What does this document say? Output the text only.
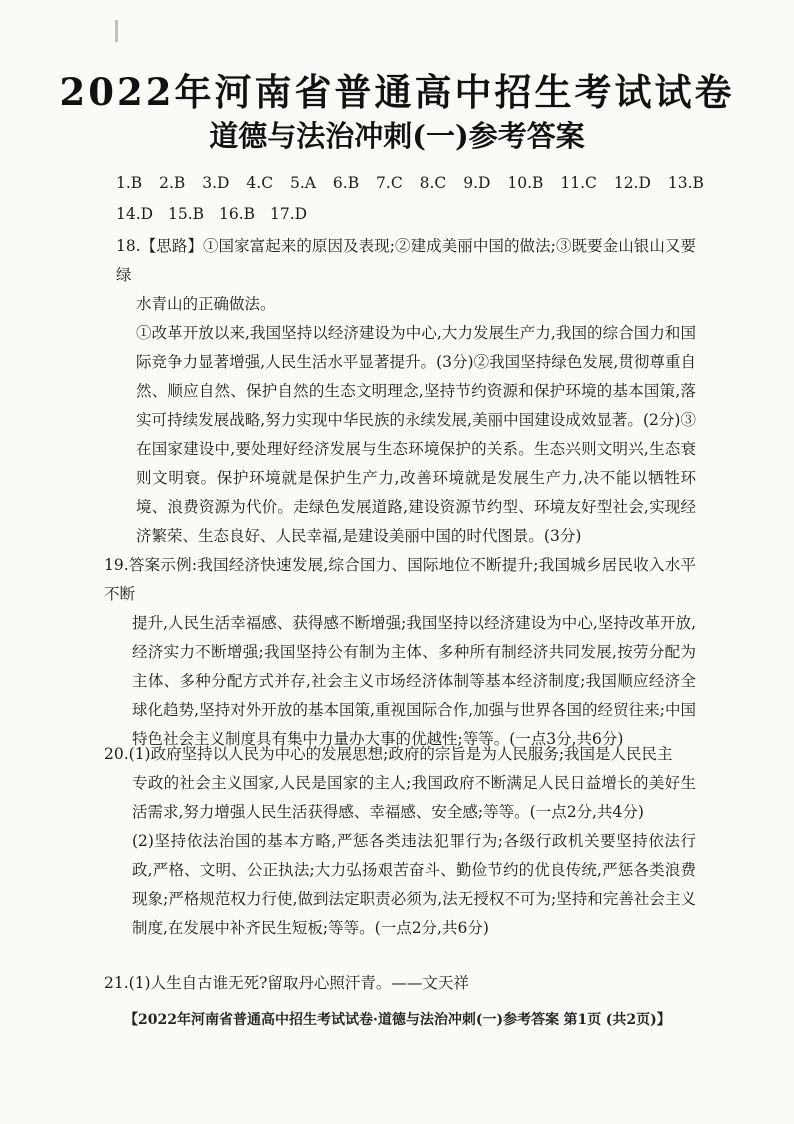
2022年河南省普通高中招生考试试卷
道德与法治冲刺(一)参考答案
1.B 2.B 3.D 4.C 5.A 6.B 7.C 8.C 9.D 10.B 11.C 12.D 13.B
14.D 15.B 16.B 17.D
18.【思路】①国家富起来的原因及表现;②建成美丽中国的做法;③既要金山银山又要绿
水青山的正确做法。
①改革开放以来,我国坚持以经济建设为中心,大力发展生产力,我国的综合国力和国际竞争力显著增强,人民生活水平显著提升。(3分)②我国坚持绿色发展,贯彻尊重自然、顺应自然、保护自然的生态文明理念,坚持节约资源和保护环境的基本国策,落实可持续发展战略,努力实现中华民族的永续发展,美丽中国建设成效显著。(2分)③在国家建设中,要处理好经济发展与生态环境保护的关系。生态兴则文明兴,生态衰则文明衰。保护环境就是保护生产力,改善环境就是发展生产力,决不能以牺牲环境、浪费资源为代价。走绿色发展道路,建设资源节约型、环境友好型社会,实现经济繁荣、生态良好、人民幸福,是建设美丽中国的时代图景。(3分)
19.答案示例:我国经济快速发展,综合国力、国际地位不断提升;我国城乡居民收入水平不断
提升,人民生活幸福感、获得感不断增强;我国坚持以经济建设为中心,坚持改革开放,经济实力不断增强;我国坚持公有制为主体、多种所有制经济共同发展,按劳分配为主体、多种分配方式并存,社会主义市场经济体制等基本经济制度;我国顺应经济全球化趋势,坚持对外开放的基本国策,重视国际合作,加强与世界各国的经贸往来;中国特色社会主义制度具有集中力量办大事的优越性;等等。(一点3分,共6分)
20.(1)政府坚持以人民为中心的发展思想;政府的宗旨是为人民服务;我国是人民民主
专政的社会主义国家,人民是国家的主人;我国政府不断满足人民日益增长的美好生活需求,努力增强人民生活获得感、幸福感、安全感;等等。(一点2分,共4分)
(2)坚持依法治国的基本方略,严惩各类违法犯罪行为;各级行政机关要坚持依法行政,严格、文明、公正执法;大力弘扬艰苦奋斗、勤俭节约的优良传统,严惩各类浪费现象;严格规范权力行使,做到法定职责必须为,法无授权不可为;坚持和完善社会主义制度,在发展中补齐民生短板;等等。(一点2分,共6分)
21.(1)人生自古谁无死?留取丹心照汗青。——文天祥
【2022年河南省普通高中招生考试试卷·道德与法治冲刺(一)参考答案 第1页 (共2页)】
